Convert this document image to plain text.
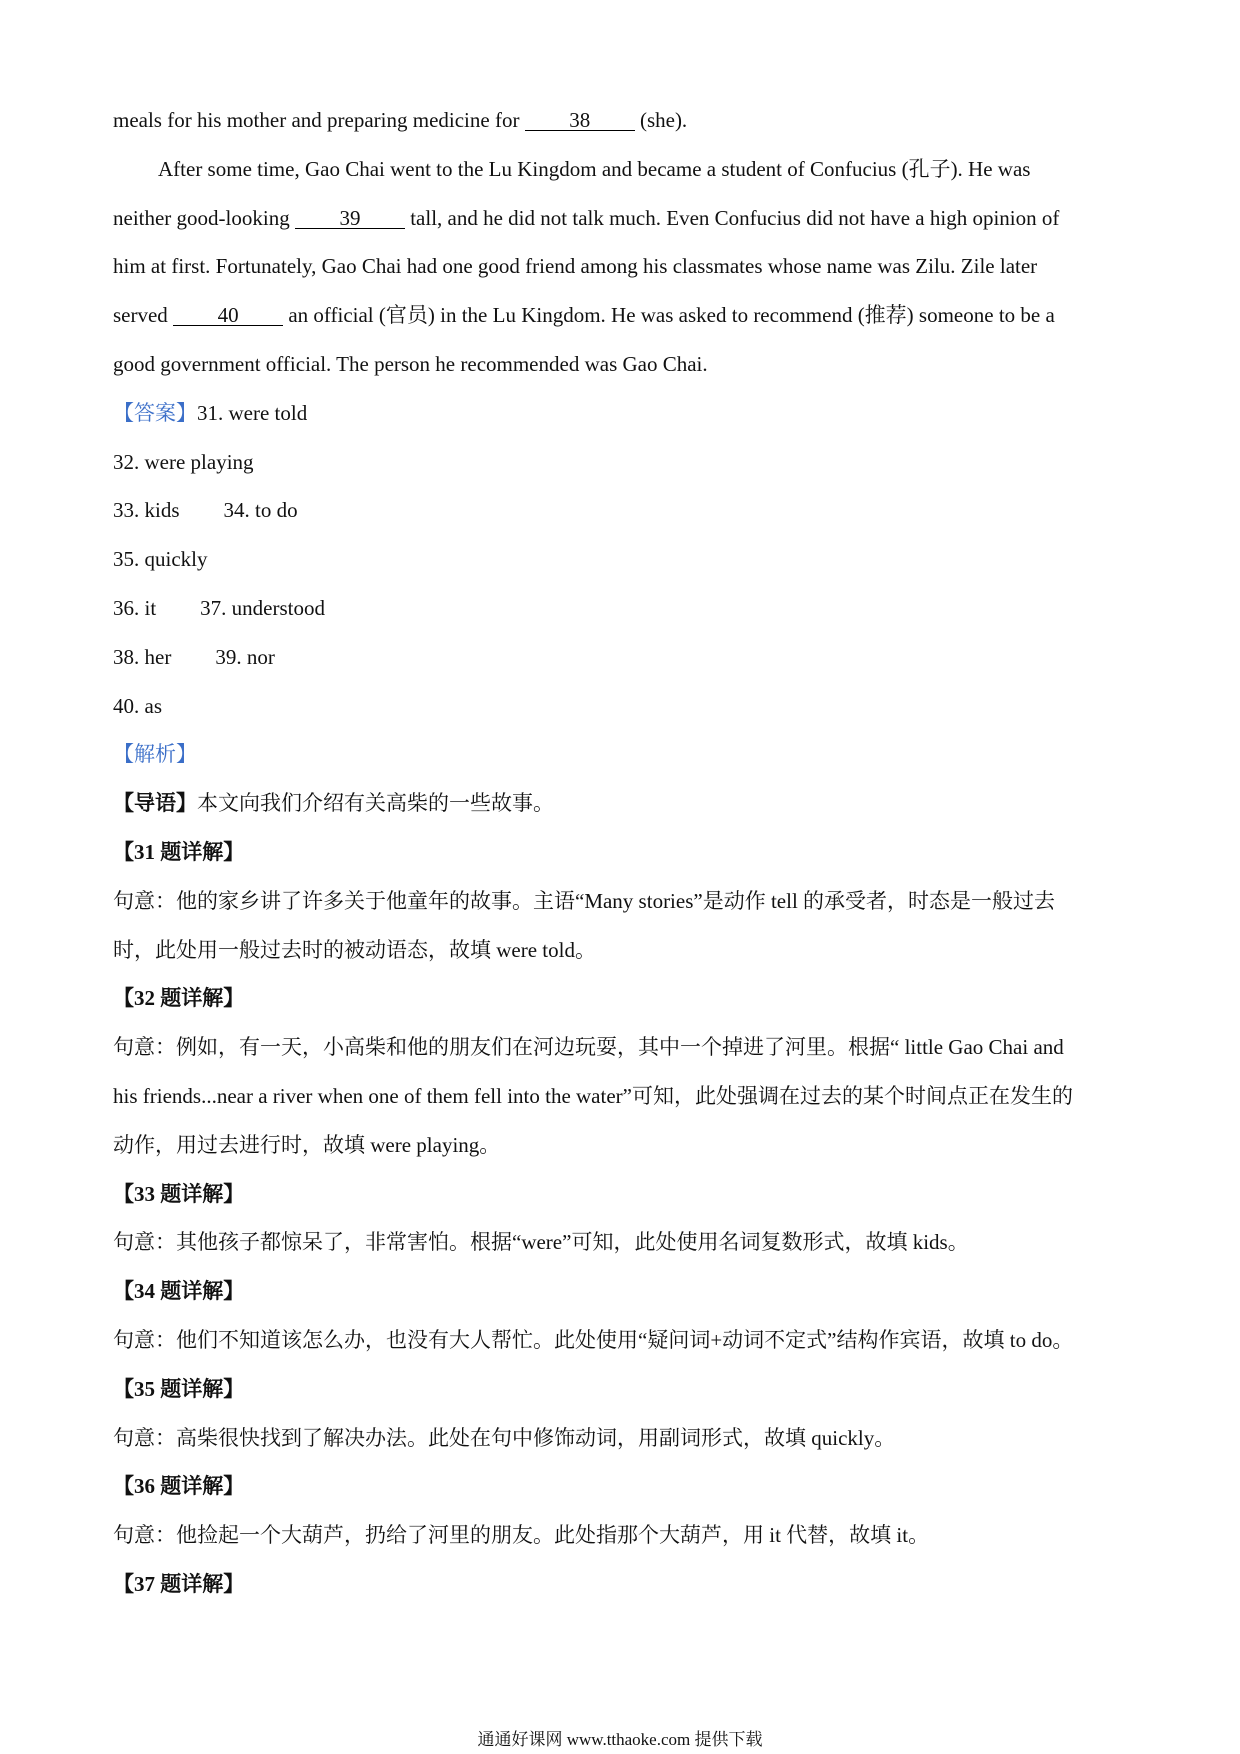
meals for his mother and preparing medicine for 38 (she).
After some time, Gao Chai went to the Lu Kingdom and became a student of Confucius (孔子). He was
neither good-looking 39 tall, and he did not talk much. Even Confucius did not have a high opinion of
him at first. Fortunately, Gao Chai had one good friend among his classmates whose name was Zilu. Zile later
served 40 an official (官员) in the Lu Kingdom. He was asked to recommend (推荐) someone to be a
good government official. The person he recommended was Gao Chai.
【答案】31. were told
32. were playing
33. kids 34. to do
35. quickly
36. it 37. understood
38. her 39. nor
40. as
【解析】
【导语】本文向我们介绍有关高柴的一些故事。
【31 题详解】
句意：他的家乡讲了许多关于他童年的故事。主语“Many stories”是动作 tell 的承受者，时态是一般过去
时，此处用一般过去时的被动语态，故填 were told。
【32 题详解】
句意：例如，有一天，小高柴和他的朋友们在河边玩耍，其中一个掉进了河里。根据“ little Gao Chai and
his friends...near a river when one of them fell into the water”可知，此处强调在过去的某个时间点正在发生的
动作，用过去进行时，故填 were playing。
【33 题详解】
句意：其他孩子都惊呆了，非常害怕。根据“were”可知，此处使用名词复数形式，故填 kids。
【34 题详解】
句意：他们不知道该怎么办，也没有大人帮忙。此处使用“疑问词+动词不定式”结构作宾语，故填 to do。
【35 题详解】
句意：高柴很快找到了解决办法。此处在句中修饰动词，用副词形式，故填 quickly。
【36 题详解】
句意：他捡起一个大葫芦，扔给了河里的朋友。此处指那个大葫芦，用 it 代替，故填 it。
【37 题详解】
通通好课网 www.tthaoke.com 提供下载
